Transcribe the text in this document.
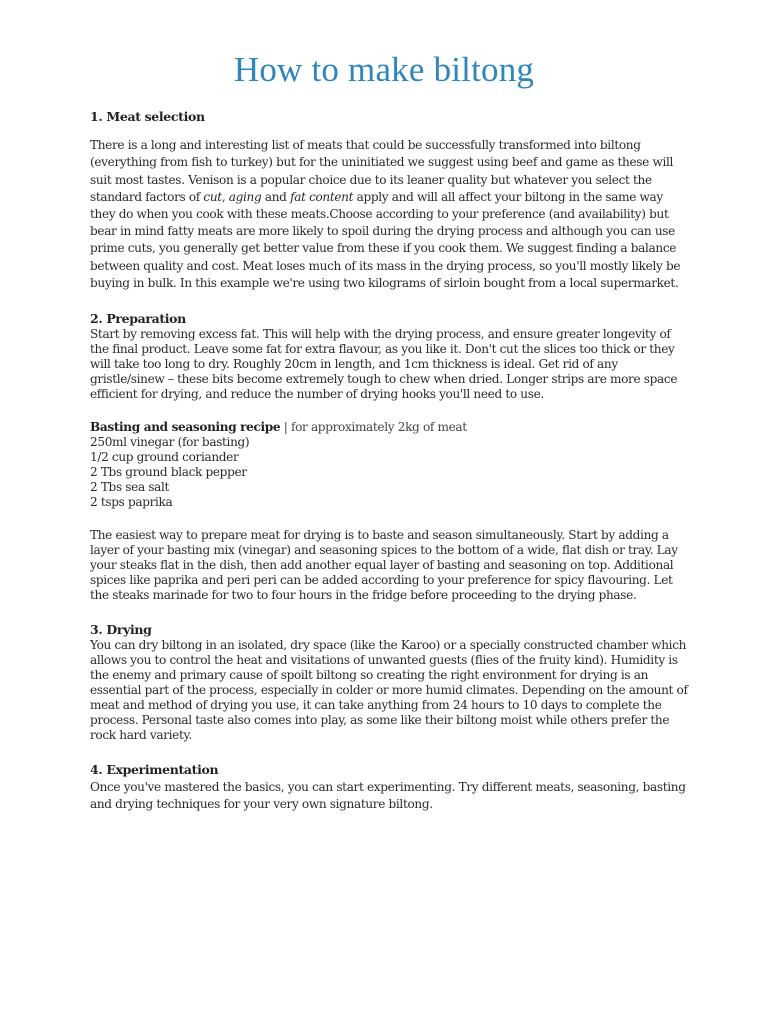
How to make biltong

1. Meat selection

There is a long and interesting list of meats that could be successfully transformed into biltong (everything from fish to turkey) but for the uninitiated we suggest using beef and game as these will suit most tastes. Venison is a popular choice due to its leaner quality but whatever you select the standard factors of cut, aging and fat content apply and will all affect your biltong in the same way they do when you cook with these meats.Choose according to your preference (and availability) but bear in mind fatty meats are more likely to spoil during the drying process and although you can use prime cuts, you generally get better value from these if you cook them. We suggest finding a balance between quality and cost. Meat loses much of its mass in the drying process, so you'll mostly likely be buying in bulk. In this example we're using two kilograms of sirloin bought from a local supermarket.

2. Preparation

Start by removing excess fat. This will help with the drying process, and ensure greater longevity of the final product. Leave some fat for extra flavour, as you like it. Don't cut the slices too thick or they will take too long to dry. Roughly 20cm in length, and 1cm thickness is ideal. Get rid of any gristle/sinew – these bits become extremely tough to chew when dried. Longer strips are more space efficient for drying, and reduce the number of drying hooks you'll need to use.

Basting and seasoning recipe | for approximately 2kg of meat

250ml vinegar (for basting)

1/2 cup ground coriander

2 Tbs ground black pepper

2 Tbs sea salt

2 tsps paprika

The easiest way to prepare meat for drying is to baste and season simultaneously. Start by adding a layer of your basting mix (vinegar) and seasoning spices to the bottom of a wide, flat dish or tray. Lay your steaks flat in the dish, then add another equal layer of basting and seasoning on top. Additional spices like paprika and peri peri can be added according to your preference for spicy flavouring. Let the steaks marinade for two to four hours in the fridge before proceeding to the drying phase.

3. Drying

You can dry biltong in an isolated, dry space (like the Karoo) or a specially constructed chamber which allows you to control the heat and visitations of unwanted guests (flies of the fruity kind). Humidity is the enemy and primary cause of spoilt biltong so creating the right environment for drying is an essential part of the process, especially in colder or more humid climates. Depending on the amount of meat and method of drying you use, it can take anything from 24 hours to 10 days to complete the process. Personal taste also comes into play, as some like their biltong moist while others prefer the rock hard variety.

4. Experimentation

Once you've mastered the basics, you can start experimenting. Try different meats, seasoning, basting and drying techniques for your very own signature biltong.
